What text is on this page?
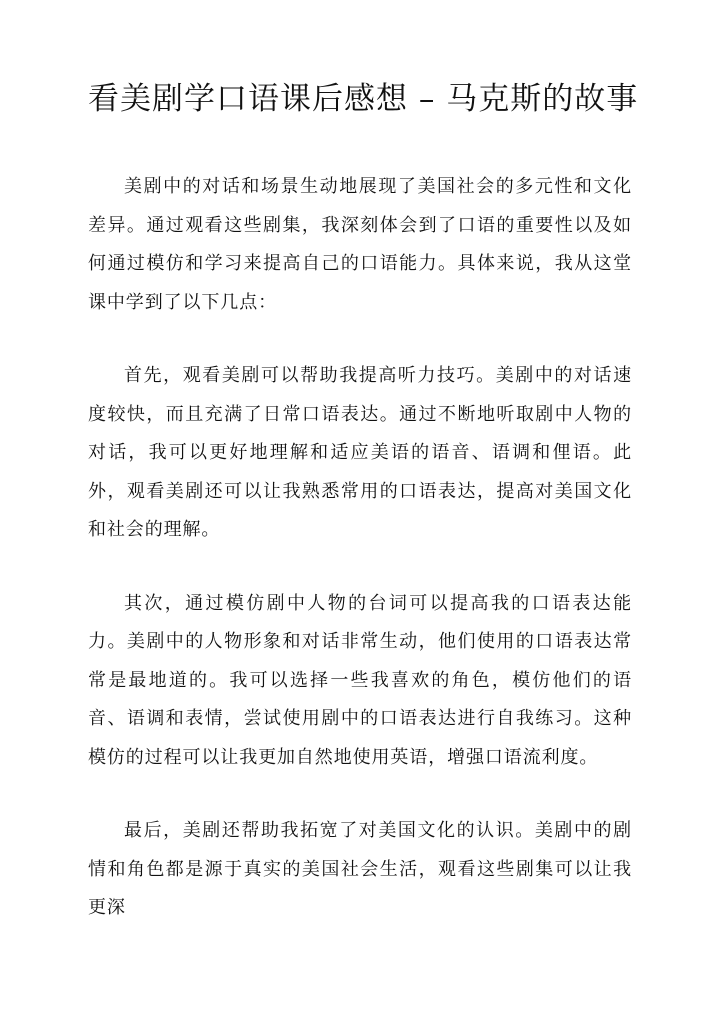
看美剧学口语课后感想 – 马克斯的故事

美剧中的对话和场景生动地展现了美国社会的多元性和文化差异。通过观看这些剧集，我深刻体会到了口语的重要性以及如何通过模仿和学习来提高自己的口语能力。具体来说，我从这堂课中学到了以下几点：

首先，观看美剧可以帮助我提高听力技巧。美剧中的对话速度较快，而且充满了日常口语表达。通过不断地听取剧中人物的对话，我可以更好地理解和适应美语的语音、语调和俚语。此外，观看美剧还可以让我熟悉常用的口语表达，提高对美国文化和社会的理解。

其次，通过模仿剧中人物的台词可以提高我的口语表达能力。美剧中的人物形象和对话非常生动，他们使用的口语表达常常是最地道的。我可以选择一些我喜欢的角色，模仿他们的语音、语调和表情，尝试使用剧中的口语表达进行自我练习。这种模仿的过程可以让我更加自然地使用英语，增强口语流利度。

最后，美剧还帮助我拓宽了对美国文化的认识。美剧中的剧情和角色都是源于真实的美国社会生活，观看这些剧集可以让我更深
